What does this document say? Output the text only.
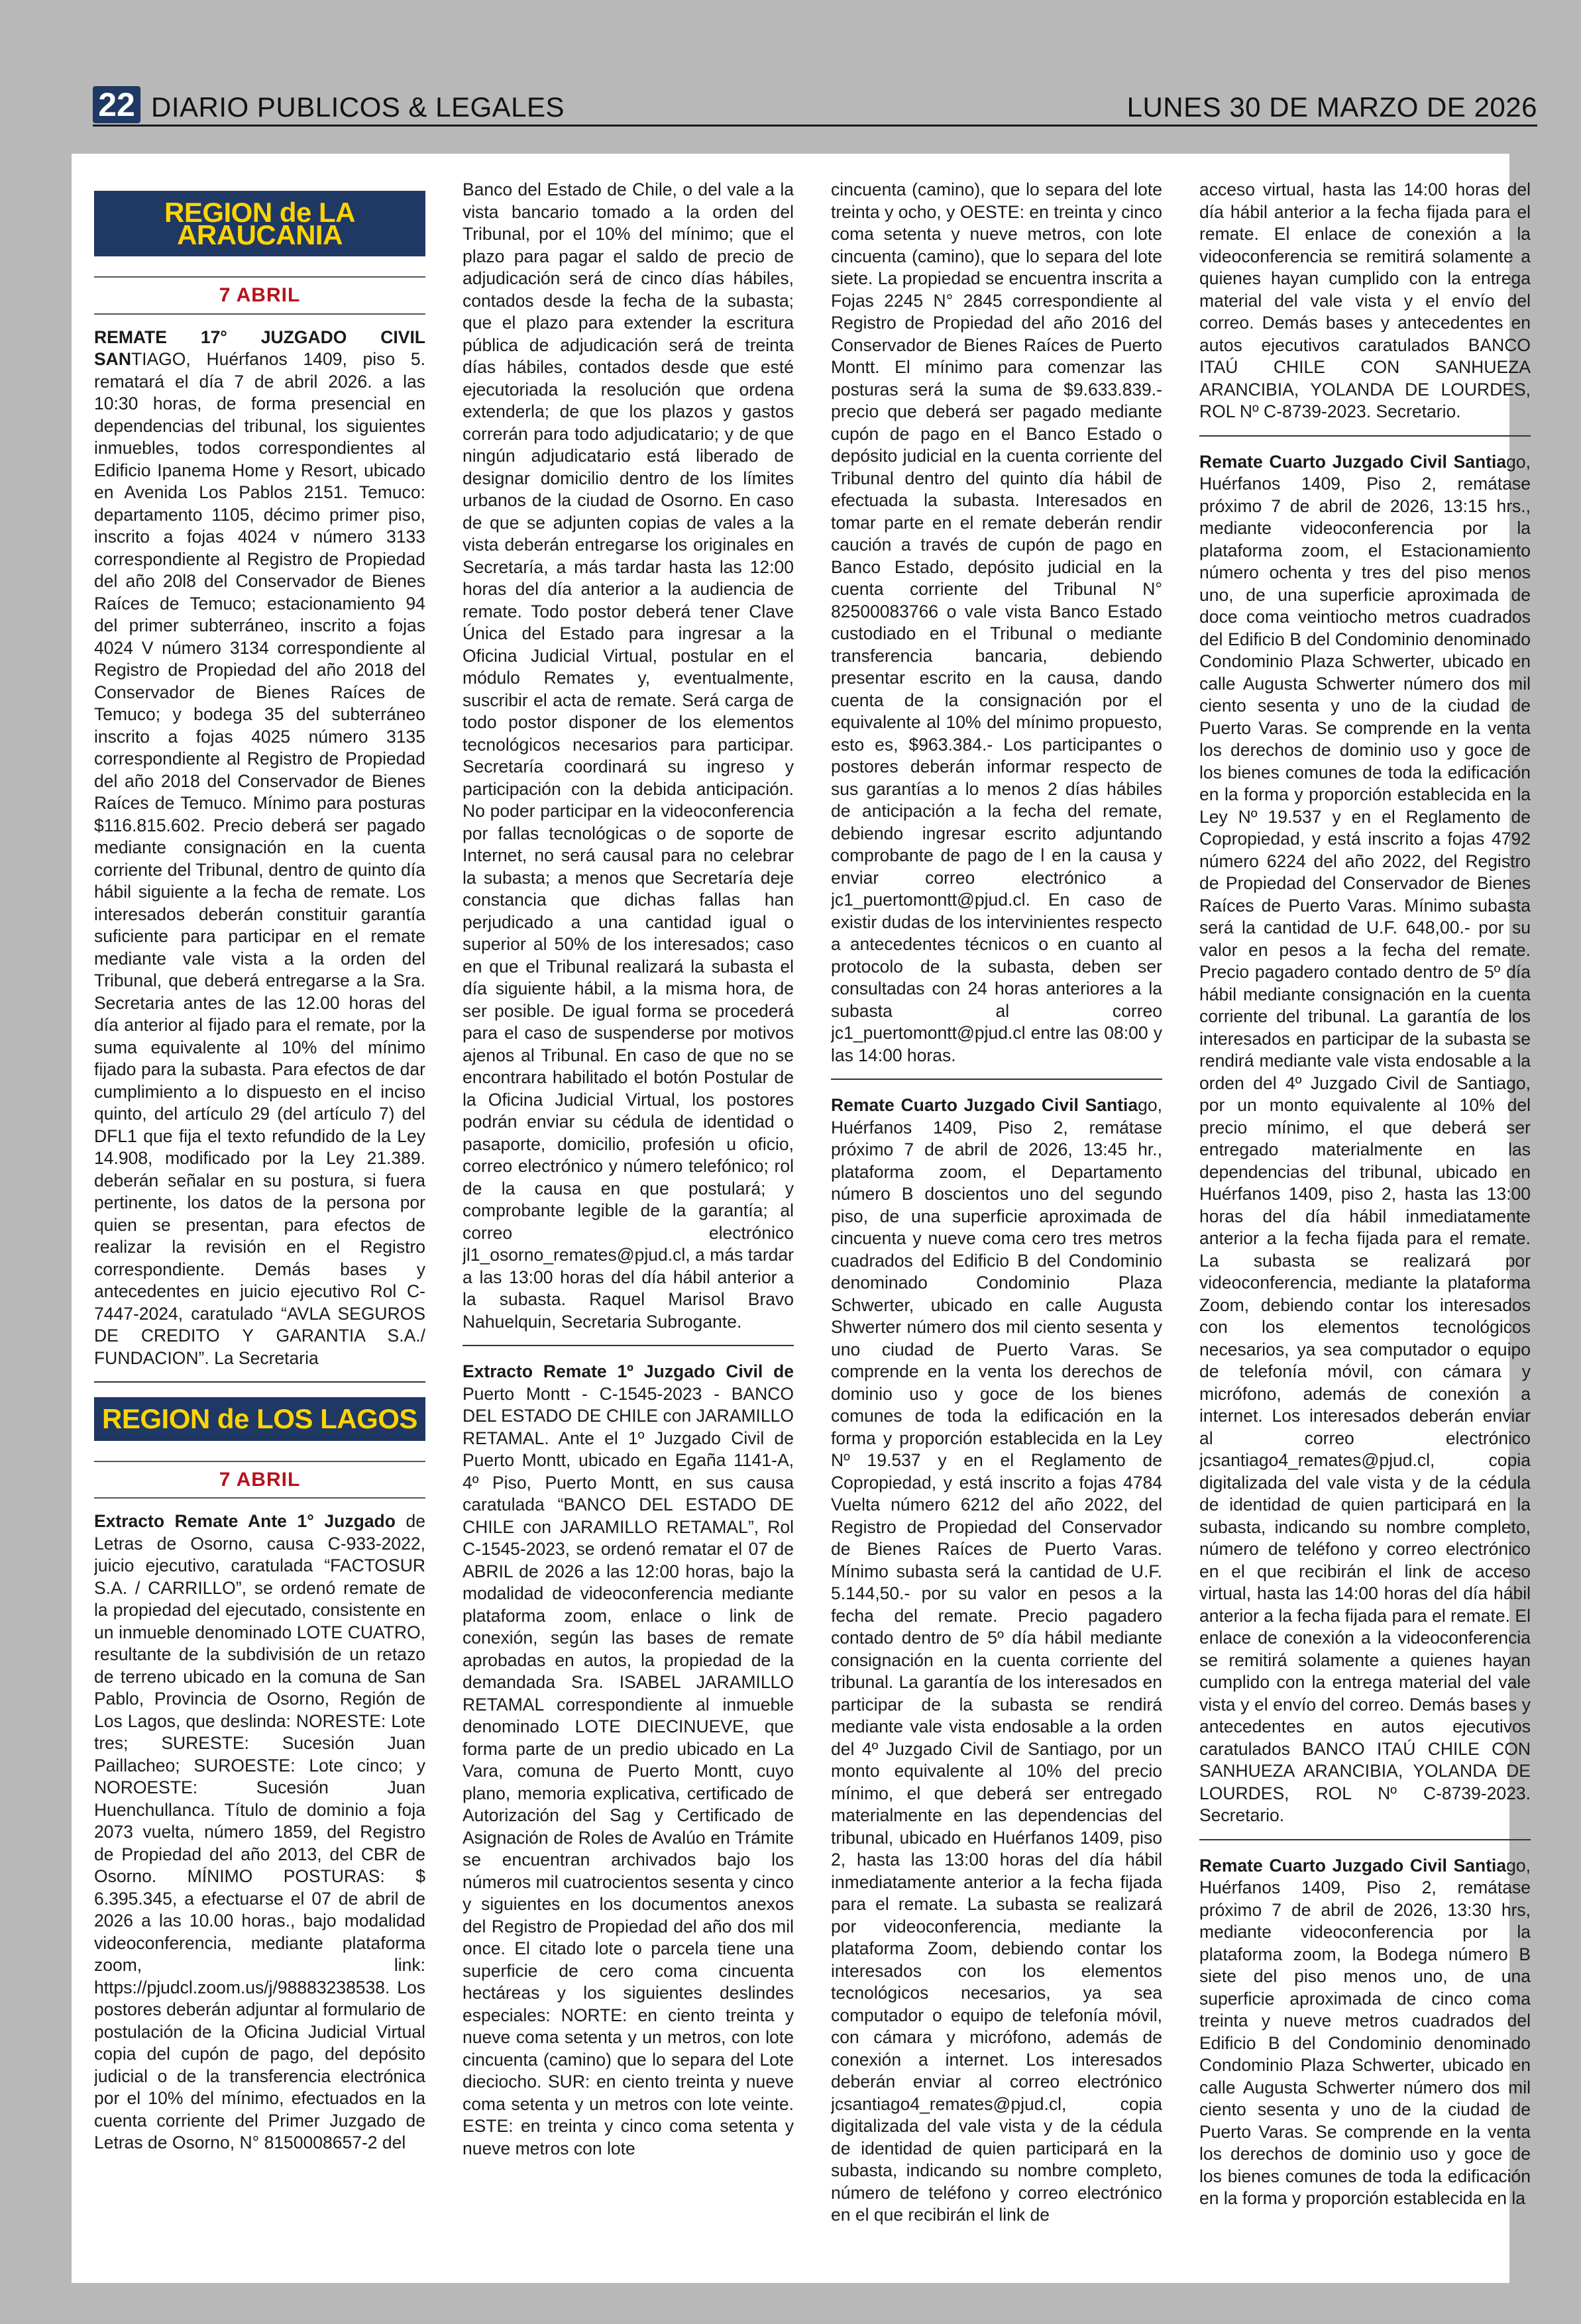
22 DIARIO PUBLICOS & LEGALES	LUNES 30 DE MARZO DE 2026
REGION de LA ARAUCANIA
7 ABRIL

REMATE 17° JUZGADO CIVIL SANTIAGO, Huérfanos 1409, piso 5. rematará el día 7 de abril 2026. a las 10:30 horas, de forma presencial en dependencias del tribunal, los siguientes inmuebles, todos correspondientes al Edificio Ipanema Home y Resort, ubicado en Avenida Los Pablos 2151. Temuco: departamento 1105, décimo primer piso, inscrito a fojas 4024 v número 3133 correspondiente al Registro de Propiedad del año 20l8 del Conservador de Bienes Raíces de Temuco; estacionamiento 94 del primer subterráneo, inscrito a fojas 4024 V número 3134 correspondiente al Registro de Propiedad del año 2018 del Conservador de Bienes Raíces de Temuco; y bodega 35 del subterráneo inscrito a fojas 4025 número 3135 correspondiente al Registro de Propiedad del año 2018 del Conservador de Bienes Raíces de Temuco. Mínimo para posturas $116.815.602. Precio deberá ser pagado mediante consignación en la cuenta corriente del Tribunal, dentro de quinto día hábil siguiente a la fecha de remate. Los interesados deberán constituir garantía suficiente para participar en el remate mediante vale vista a la orden del Tribunal, que deberá entregarse a la Sra. Secretaria antes de las 12.00 horas del día anterior al fijado para el remate, por la suma equivalente al 10% del mínimo fijado para la subasta. Para efectos de dar cumplimiento a lo dispuesto en el inciso quinto, del artículo 29 (del artículo 7) del DFL1 que fija el texto refundido de la Ley 14.908, modificado por la Ley 21.389. deberán señalar en su postura, si fuera pertinente, los datos de la persona por quien se presentan, para efectos de realizar la revisión en el Registro correspondiente. Demás bases y antecedentes en juicio ejecutivo Rol C-7447-2024, caratulado “AVLA SEGUROS DE CREDITO Y GARANTIA S.A./ FUNDACION”. La Secretaria

REGION de LOS LAGOS
7 ABRIL

Extracto Remate Ante 1° Juzgado de Letras de Osorno, causa C-933-2022, juicio ejecutivo, caratulada “FACTOSUR S.A. / CARRILLO”, se ordenó remate de la propiedad del ejecutado, consistente en un inmueble denominado LOTE CUATRO, resultante de la subdivisión de un retazo de terreno ubicado en la comuna de San Pablo, Provincia de Osorno, Región de Los Lagos, que deslinda: NORESTE: Lote tres; SURESTE: Sucesión Juan Paillacheo; SUROESTE: Lote cinco; y NOROESTE: Sucesión Juan Huenchullanca. Título de dominio a foja 2073 vuelta, número 1859, del Registro de Propiedad del año 2013, del CBR de Osorno. MÍNIMO POSTURAS: $ 6.395.345, a efectuarse el 07 de abril de 2026 a las 10.00 horas., bajo modalidad videoconferencia, mediante plataforma zoom, link: https://pjudcl.zoom.us/j/98883238538. Los postores deberán adjuntar al formulario de postulación de la Oficina Judicial Virtual copia del cupón de pago, del depósito judicial o de la transferencia electrónica por el 10% del mínimo, efectuados en la cuenta corriente del Primer Juzgado de Letras de Osorno, N° 8150008657-2 del

Banco del Estado de Chile, o del vale a la vista bancario tomado a la orden del Tribunal, por el 10% del mínimo; que el plazo para pagar el saldo de precio de adjudicación será de cinco días hábiles, contados desde la fecha de la subasta; que el plazo para extender la escritura pública de adjudicación será de treinta días hábiles, contados desde que esté ejecutoriada la resolución que ordena extenderla; de que los plazos y gastos correrán para todo adjudicatario; y de que ningún adjudicatario está liberado de designar domicilio dentro de los límites urbanos de la ciudad de Osorno. En caso de que se adjunten copias de vales a la vista deberán entregarse los originales en Secretaría, a más tardar hasta las 12:00 horas del día anterior a la audiencia de remate. Todo postor deberá tener Clave Única del Estado para ingresar a la Oficina Judicial Virtual, postular en el módulo Remates y, eventualmente, suscribir el acta de remate. Será carga de todo postor disponer de los elementos tecnológicos necesarios para participar. Secretaría coordinará su ingreso y participación con la debida anticipación. No poder participar en la videoconferencia por fallas tecnológicas o de soporte de Internet, no será causal para no celebrar la subasta; a menos que Secretaría deje constancia que dichas fallas han perjudicado a una cantidad igual o superior al 50% de los interesados; caso en que el Tribunal realizará la subasta el día siguiente hábil, a la misma hora, de ser posible. De igual forma se procederá para el caso de suspenderse por motivos ajenos al Tribunal. En caso de que no se encontrara habilitado el botón Postular de la Oficina Judicial Virtual, los postores podrán enviar su cédula de identidad o pasaporte, domicilio, profesión u oficio, correo electrónico y número telefónico; rol de la causa en que postulará; y comprobante legible de la garantía; al correo electrónico jl1_osorno_remates@pjud.cl, a más tardar a las 13:00 horas del día hábil anterior a la subasta. Raquel Marisol Bravo Nahuelquin, Secretaria Subrogante.

Extracto Remate 1º Juzgado Civil de Puerto Montt - C-1545-2023 - BANCO DEL ESTADO DE CHILE con JARAMILLO RETAMAL. Ante el 1º Juzgado Civil de Puerto Montt, ubicado en Egaña 1141-A, 4º Piso, Puerto Montt, en sus causa caratulada “BANCO DEL ESTADO DE CHILE con JARAMILLO RETAMAL”, Rol C-1545-2023, se ordenó rematar el 07 de ABRIL de 2026 a las 12:00 horas, bajo la modalidad de videoconferencia mediante plataforma zoom, enlace o link de conexión, según las bases de remate aprobadas en autos, la propiedad de la demandada Sra. ISABEL JARAMILLO RETAMAL correspondiente al inmueble denominado LOTE DIECINUEVE, que forma parte de un predio ubicado en La Vara, comuna de Puerto Montt, cuyo plano, memoria explicativa, certificado de Autorización del Sag y Certificado de Asignación de Roles de Avalúo en Trámite se encuentran archivados bajo los números mil cuatrocientos sesenta y cinco y siguientes en los documentos anexos del Registro de Propiedad del año dos mil once. El citado lote o parcela tiene una superficie de cero coma cincuenta hectáreas y los siguientes deslindes especiales: NORTE: en ciento treinta y nueve coma setenta y un metros, con lote cincuenta (camino) que lo separa del Lote dieciocho. SUR: en ciento treinta y nueve coma setenta y un metros con lote veinte. ESTE: en treinta y cinco coma setenta y nueve metros con lote

cincuenta (camino), que lo separa del lote treinta y ocho, y OESTE: en treinta y cinco coma setenta y nueve metros, con lote cincuenta (camino), que lo separa del lote siete. La propiedad se encuentra inscrita a Fojas 2245 N° 2845 correspondiente al Registro de Propiedad del año 2016 del Conservador de Bienes Raíces de Puerto Montt. El mínimo para comenzar las posturas será la suma de $9.633.839.- precio que deberá ser pagado mediante cupón de pago en el Banco Estado o depósito judicial en la cuenta corriente del Tribunal dentro del quinto día hábil de efectuada la subasta. Interesados en tomar parte en el remate deberán rendir caución a través de cupón de pago en Banco Estado, depósito judicial en la cuenta corriente del Tribunal N° 82500083766 o vale vista Banco Estado custodiado en el Tribunal o mediante transferencia bancaria, debiendo presentar escrito en la causa, dando cuenta de la consignación por el equivalente al 10% del mínimo propuesto, esto es, $963.384.- Los participantes o postores deberán informar respecto de sus garantías a lo menos 2 días hábiles de anticipación a la fecha del remate, debiendo ingresar escrito adjuntando comprobante de pago de l en la causa y enviar correo electrónico a jc1_puertomontt@pjud.cl. En caso de existir dudas de los intervinientes respecto a antecedentes técnicos o en cuanto al protocolo de la subasta, deben ser consultadas con 24 horas anteriores a la subasta al correo jc1_puertomontt@pjud.cl entre las 08:00 y las 14:00 horas.

Remate Cuarto Juzgado Civil Santiago, Huérfanos 1409, Piso 2, remátase próximo 7 de abril de 2026, 13:45 hr., plataforma zoom, el Departamento número B doscientos uno del segundo piso, de una superficie aproximada de cincuenta y nueve coma cero tres metros cuadrados del Edificio B del Condominio denominado Condominio Plaza Schwerter, ubicado en calle Augusta Shwerter número dos mil ciento sesenta y uno ciudad de Puerto Varas. Se comprende en la venta los derechos de dominio uso y goce de los bienes comunes de toda la edificación en la forma y proporción establecida en la Ley Nº 19.537 y en el Reglamento de Copropiedad, y está inscrito a fojas 4784 Vuelta número 6212 del año 2022, del Registro de Propiedad del Conservador de Bienes Raíces de Puerto Varas. Mínimo subasta será la cantidad de U.F. 5.144,50.- por su valor en pesos a la fecha del remate. Precio pagadero contado dentro de 5º día hábil mediante consignación en la cuenta corriente del tribunal. La garantía de los interesados en participar de la subasta se rendirá mediante vale vista endosable a la orden del 4º Juzgado Civil de Santiago, por un monto equivalente al 10% del precio mínimo, el que deberá ser entregado materialmente en las dependencias del tribunal, ubicado en Huérfanos 1409, piso 2, hasta las 13:00 horas del día hábil inmediatamente anterior a la fecha fijada para el remate. La subasta se realizará por videoconferencia, mediante la plataforma Zoom, debiendo contar los interesados con los elementos tecnológicos necesarios, ya sea computador o equipo de telefonía móvil, con cámara y micrófono, además de conexión a internet. Los interesados deberán enviar al correo electrónico jcsantiago4_remates@pjud.cl, copia digitalizada del vale vista y de la cédula de identidad de quien participará en la subasta, indicando su nombre completo, número de teléfono y correo electrónico en el que recibirán el link de

acceso virtual, hasta las 14:00 horas del día hábil anterior a la fecha fijada para el remate. El enlace de conexión a la videoconferencia se remitirá solamente a quienes hayan cumplido con la entrega material del vale vista y el envío del correo. Demás bases y antecedentes en autos ejecutivos caratulados BANCO ITAÚ CHILE CON SANHUEZA ARANCIBIA, YOLANDA DE LOURDES, ROL Nº C-8739-2023. Secretario.

Remate Cuarto Juzgado Civil Santiago, Huérfanos 1409, Piso 2, remátase próximo 7 de abril de 2026, 13:15 hrs., mediante videoconferencia por la plataforma zoom, el Estacionamiento número ochenta y tres del piso menos uno, de una superficie aproximada de doce coma veintiocho metros cuadrados del Edificio B del Condominio denominado Condominio Plaza Schwerter, ubicado en calle Augusta Schwerter número dos mil ciento sesenta y uno de la ciudad de Puerto Varas. Se comprende en la venta los derechos de dominio uso y goce de los bienes comunes de toda la edificación en la forma y proporción establecida en la Ley Nº 19.537 y en el Reglamento de Copropiedad, y está inscrito a fojas 4792 número 6224 del año 2022, del Registro de Propiedad del Conservador de Bienes Raíces de Puerto Varas. Mínimo subasta será la cantidad de U.F. 648,00.- por su valor en pesos a la fecha del remate. Precio pagadero contado dentro de 5º día hábil mediante consignación en la cuenta corriente del tribunal. La garantía de los interesados en participar de la subasta se rendirá mediante vale vista endosable a la orden del 4º Juzgado Civil de Santiago, por un monto equivalente al 10% del precio mínimo, el que deberá ser entregado materialmente en las dependencias del tribunal, ubicado en Huérfanos 1409, piso 2, hasta las 13:00 horas del día hábil inmediatamente anterior a la fecha fijada para el remate. La subasta se realizará por videoconferencia, mediante la plataforma Zoom, debiendo contar los interesados con los elementos tecnológicos necesarios, ya sea computador o equipo de telefonía móvil, con cámara y micrófono, además de conexión a internet. Los interesados deberán enviar al correo electrónico jcsantiago4_remates@pjud.cl, copia digitalizada del vale vista y de la cédula de identidad de quien participará en la subasta, indicando su nombre completo, número de teléfono y correo electrónico en el que recibirán el link de acceso virtual, hasta las 14:00 horas del día hábil anterior a la fecha fijada para el remate. El enlace de conexión a la videoconferencia se remitirá solamente a quienes hayan cumplido con la entrega material del vale vista y el envío del correo. Demás bases y antecedentes en autos ejecutivos caratulados BANCO ITAÚ CHILE CON SANHUEZA ARANCIBIA, YOLANDA DE LOURDES, ROL Nº C-8739-2023. Secretario.

Remate Cuarto Juzgado Civil Santiago, Huérfanos 1409, Piso 2, remátase próximo 7 de abril de 2026, 13:30 hrs, mediante videoconferencia por la plataforma zoom, la Bodega número B siete del piso menos uno, de una superficie aproximada de cinco coma treinta y nueve metros cuadrados del Edificio B del Condominio denominado Condominio Plaza Schwerter, ubicado en calle Augusta Schwerter número dos mil ciento sesenta y uno de la ciudad de Puerto Varas. Se comprende en la venta los derechos de dominio uso y goce de los bienes comunes de toda la edificación en la forma y proporción establecida en la
